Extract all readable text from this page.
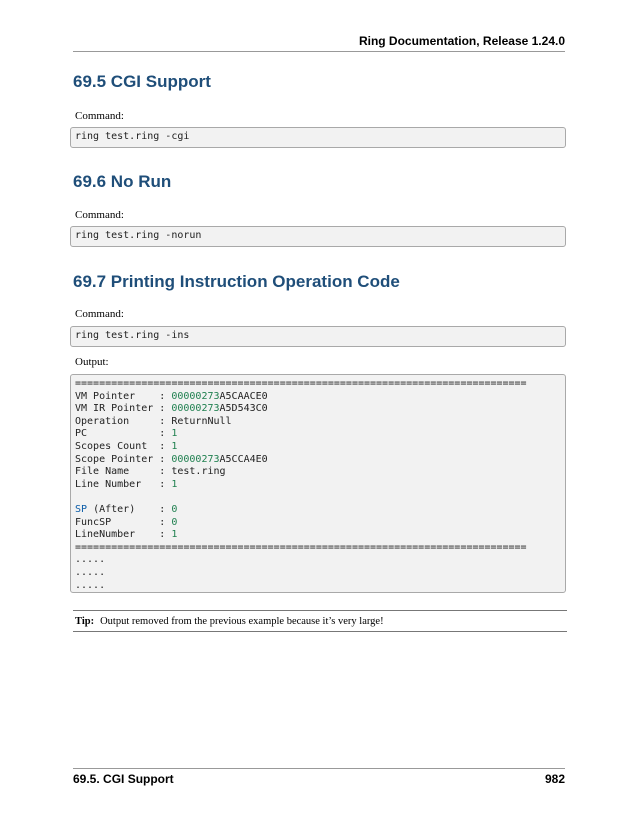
Ring Documentation, Release 1.24.0
69.5 CGI Support
Command:
ring test.ring -cgi
69.6 No Run
Command:
ring test.ring -norun
69.7 Printing Instruction Operation Code
Command:
ring test.ring -ins
Output:
===========================================================================
VM Pointer    : 00000273A5CAACE0
VM IR Pointer : 00000273A5D543C0
Operation     : ReturnNull
PC            : 1
Scopes Count  : 1
Scope Pointer : 00000273A5CCA4E0
File Name     : test.ring
Line Number   : 1

SP (After)    : 0
FuncSP        : 0
LineNumber    : 1
===========================================================================
.....
.....
.....
Tip: Output removed from the previous example because it’s very large!
69.5. CGI Support	982
